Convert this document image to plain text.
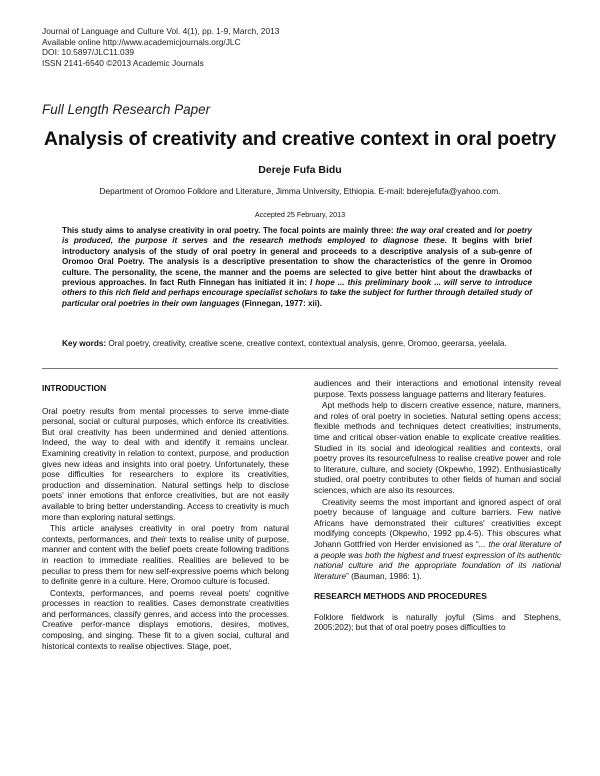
Journal of Language and Culture Vol. 4(1), pp. 1-9, March, 2013
Available online http://www.academicjournals.org/JLC
DOI: 10.5897/JLC11.039
ISSN 2141-6540 ©2013 Academic Journals
Full Length Research Paper
Analysis of creativity and creative context in oral poetry
Dereje Fufa Bidu
Department of Oromoo Folklore and Literature, Jimma University, Ethiopia. E-mail: bderejefufa@yahoo.com.
Accepted 25 February, 2013
This study aims to analyse creativity in oral poetry. The focal points are mainly three: the way oral created and /or poetry is produced, the purpose it serves and the research methods employed to diagnose these. It begins with brief introductory analysis of the study of oral poetry in general and proceeds to a descriptive analysis of a sub-genre of Oromoo Oral Poetry. The analysis is a descriptive presentation to show the characteristics of the genre in Oromoo culture. The personality, the scene, the manner and the poems are selected to give better hint about the drawbacks of previous approaches. In fact Ruth Finnegan has initiated it in: I hope ... this preliminary book ... will serve to introduce others to this rich field and perhaps encourage specialist scholars to take the subject for further through detailed study of particular oral poetries in their own languages (Finnegan, 1977: xii).
Key words: Oral poetry, creativity, creative scene, creative context, contextual analysis, genre, Oromoo, geerarsa, yeelala.
INTRODUCTION

Oral poetry results from mental processes to serve imme-diate personal, social or cultural purposes, which enforce its creativities. But oral creativity has been undermined and denied attentions. Indeed, the way to deal with and identify it remains unclear. Examining creativity in relation to context, purpose, and production gives new ideas and insights into oral poetry. Unfortunately, these pose difficulties for researchers to explore its creativities, production and dissemination. Natural settings help to disclose poets' inner emotions that enforce creativities, but are not easily available to bring better understanding. Access to creativity is much more than exploring natural settings.

This article analyses creativity in oral poetry from natural contexts, performances, and their texts to realise unity of purpose, manner and content with the belief poets create following traditions in reaction to immediate realities. Realities are believed to be peculiar to press them for new self-expressive poems which belong to definite genre in a culture. Here, Oromoo culture is focused.

Contexts, performances, and poems reveal poets' cognitive processes in reaction to realities. Cases demonstrate creativities and performances, classify genres, and access into the processes. Creative perfor-mance displays emotions, desires, motives, composing, and singing. These fit to a given social, cultural and historical contexts to realise objectives. Stage, poet,

audiences and their interactions and emotional intensity reveal purpose. Texts possess language patterns and literary features.

Apt methods help to discern creative essence, nature, manners, and roles of oral poetry in societies. Natural setting opens access; flexible methods and techniques detect creativities; instruments, time and critical obser-vation enable to explicate creative realities. Studied in its social and ideological realities and contexts, oral poetry proves its resourcefulness to realise creative power and role to literature, culture, and society (Okpewho, 1992). Enthusiastically studied, oral poetry contributes to other fields of human and social sciences, which are also its resources.

Creativity seems the most important and ignored aspect of oral poetry because of language and culture barriers. Few native Africans have demonstrated their cultures' creativities except modifying concepts (Okpewho, 1992 pp.4-5). This obscures what Johann Gottfried von Herder envisioned as “... the oral literature of a people was both the highest and truest expression of its authentic national culture and the appropriate foundation of its national literature” (Bauman, 1986: 1).

RESEARCH METHODS AND PROCEDURES

Folklore fieldwork is naturally joyful (Sims and Stephens, 2005:202); but that of oral poetry poses difficulties to
